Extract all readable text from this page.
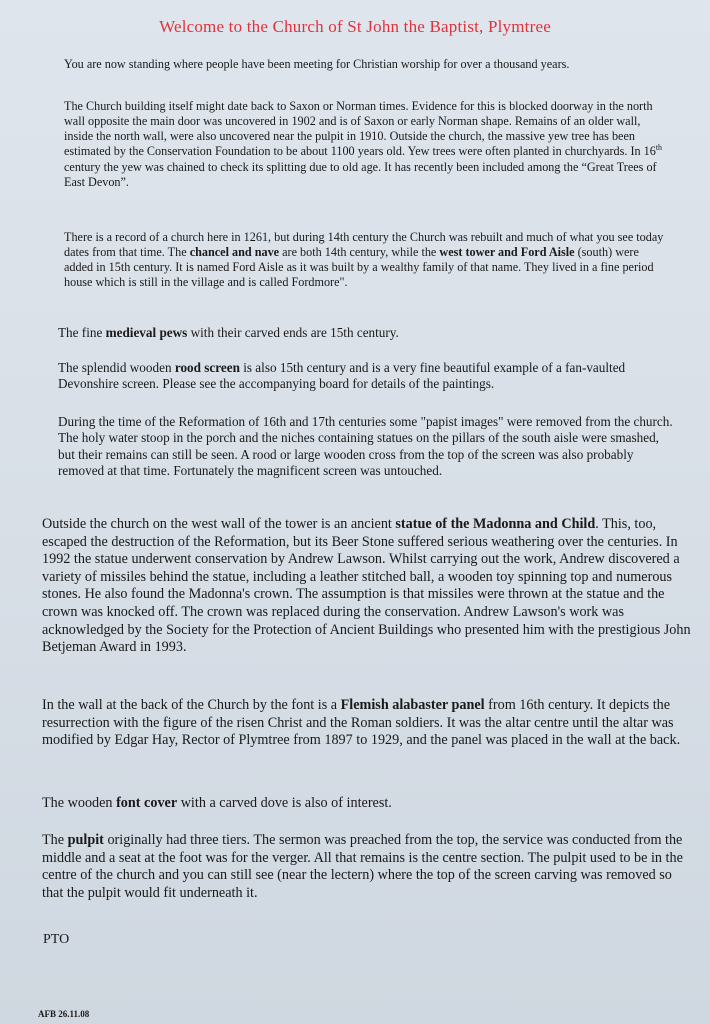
Welcome to the Church of St John the Baptist, Plymtree

You are now standing where people have been meeting for Christian worship for over a thousand years.

The Church building itself might date back to Saxon or Norman times. Evidence for this is blocked doorway in the north wall opposite the main door was uncovered in 1902 and is of Saxon or early Norman shape. Remains of an older wall, inside the north wall, were also uncovered near the pulpit in 1910. Outside the church, the massive yew tree has been estimated by the Conservation Foundation to be about 1100 years old. Yew trees were often planted in churchyards. In 16th century the yew was chained to check its splitting due to old age. It has recently been included among the “Great Trees of East Devon”.

There is a record of a church here in 1261, but during 14th century the Church was rebuilt and much of what you see today dates from that time. The chancel and nave are both 14th century, while the west tower and Ford Aisle (south) were added in 15th century. It is named Ford Aisle as it was built by a wealthy family of that name. They lived in a fine period house which is still in the village and is called Fordmore".

The fine medieval pews with their carved ends are 15th century.

The splendid wooden rood screen is also 15th century and is a very fine beautiful example of a fan-vaulted Devonshire screen. Please see the accompanying board for details of the paintings.

During the time of the Reformation of 16th and 17th centuries some "papist images" were removed from the church. The holy water stoop in the porch and the niches containing statues on the pillars of the south aisle were smashed, but their remains can still be seen. A rood or large wooden cross from the top of the screen was also probably removed at that time. Fortunately the magnificent screen was untouched.

Outside the church on the west wall of the tower is an ancient statue of the Madonna and Child. This, too, escaped the destruction of the Reformation, but its Beer Stone suffered serious weathering over the centuries. In 1992 the statue underwent conservation by Andrew Lawson. Whilst carrying out the work, Andrew discovered a variety of missiles behind the statue, including a leather stitched ball, a wooden toy spinning top and numerous stones. He also found the Madonna's crown. The assumption is that missiles were thrown at the statue and the crown was knocked off. The crown was replaced during the conservation. Andrew Lawson's work was acknowledged by the Society for the Protection of Ancient Buildings who presented him with the prestigious John Betjeman Award in 1993.

In the wall at the back of the Church by the font is a Flemish alabaster panel from 16th century. It depicts the resurrection with the figure of the risen Christ and the Roman soldiers. It was the altar centre until the altar was modified by Edgar Hay, Rector of Plymtree from 1897 to 1929, and the panel was placed in the wall at the back.

The wooden font cover with a carved dove is also of interest.

The pulpit originally had three tiers. The sermon was preached from the top, the service was conducted from the middle and a seat at the foot was for the verger. All that remains is the centre section. The pulpit used to be in the centre of the church and you can still see (near the lectern) where the top of the screen carving was removed so that the pulpit would fit underneath it.

PTO
AFB 26.11.08
